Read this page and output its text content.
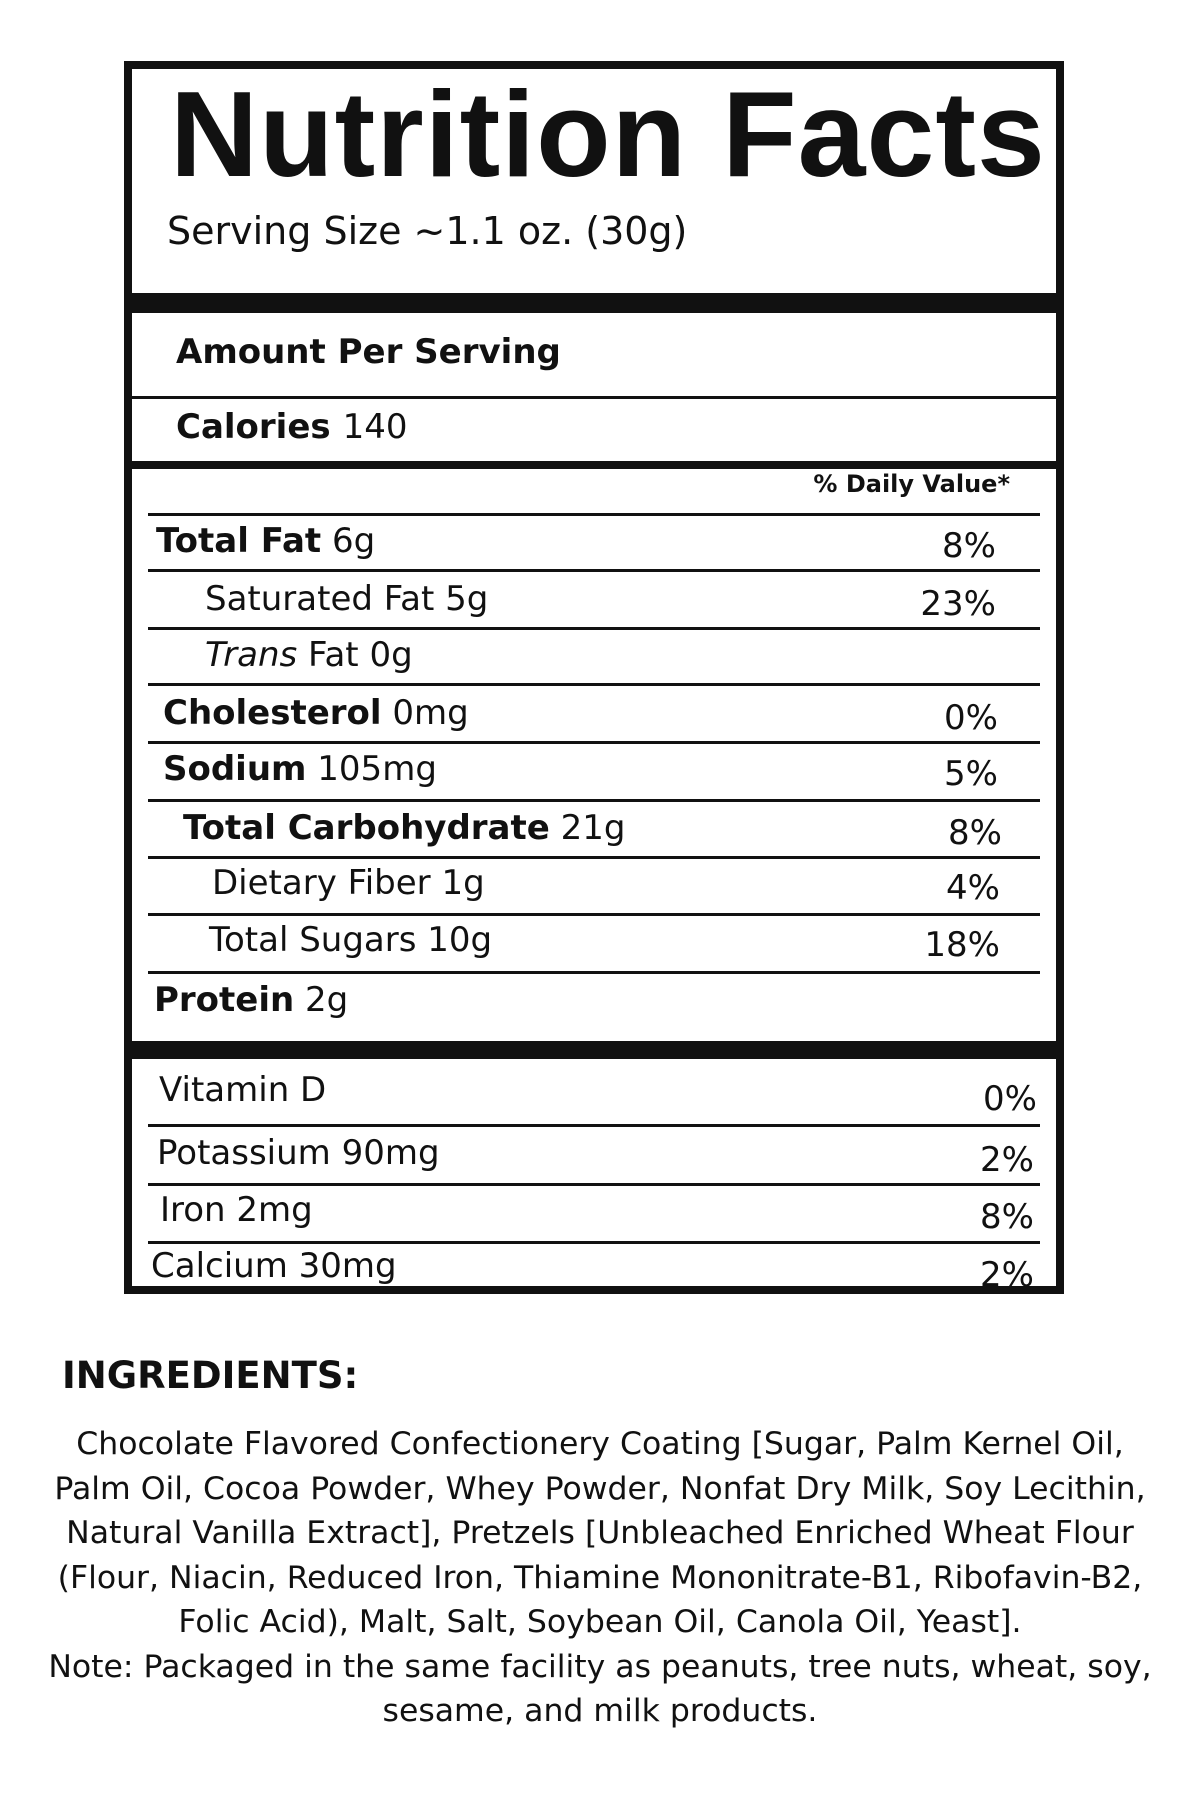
Nutrition Facts
Serving Size ~1.1 oz. (30g)
Amount Per Serving
Calories 140
% Daily Value*
Total Fat 6g	8%
Saturated Fat 5g	23%
Trans Fat 0g
Cholesterol 0mg	0%
Sodium 105mg	5%
Total Carbohydrate 21g	8%
Dietary Fiber 1g	4%
Total Sugars 10g	18%
Protein 2g
Vitamin D	0%
Potassium 90mg	2%
Iron 2mg	8%
Calcium 30mg	2%
INGREDIENTS:

Chocolate Flavored Confectionery Coating [Sugar, Palm Kernel Oil, Palm Oil, Cocoa Powder, Whey Powder, Nonfat Dry Milk, Soy Lecithin, Natural Vanilla Extract], Pretzels [Unbleached Enriched Wheat Flour (Flour, Niacin, Reduced Iron, Thiamine Mononitrate-B1, Ribofavin-B2, Folic Acid), Malt, Salt, Soybean Oil, Canola Oil, Yeast].
Note: Packaged in the same facility as peanuts, tree nuts, wheat, soy, sesame, and milk products.
